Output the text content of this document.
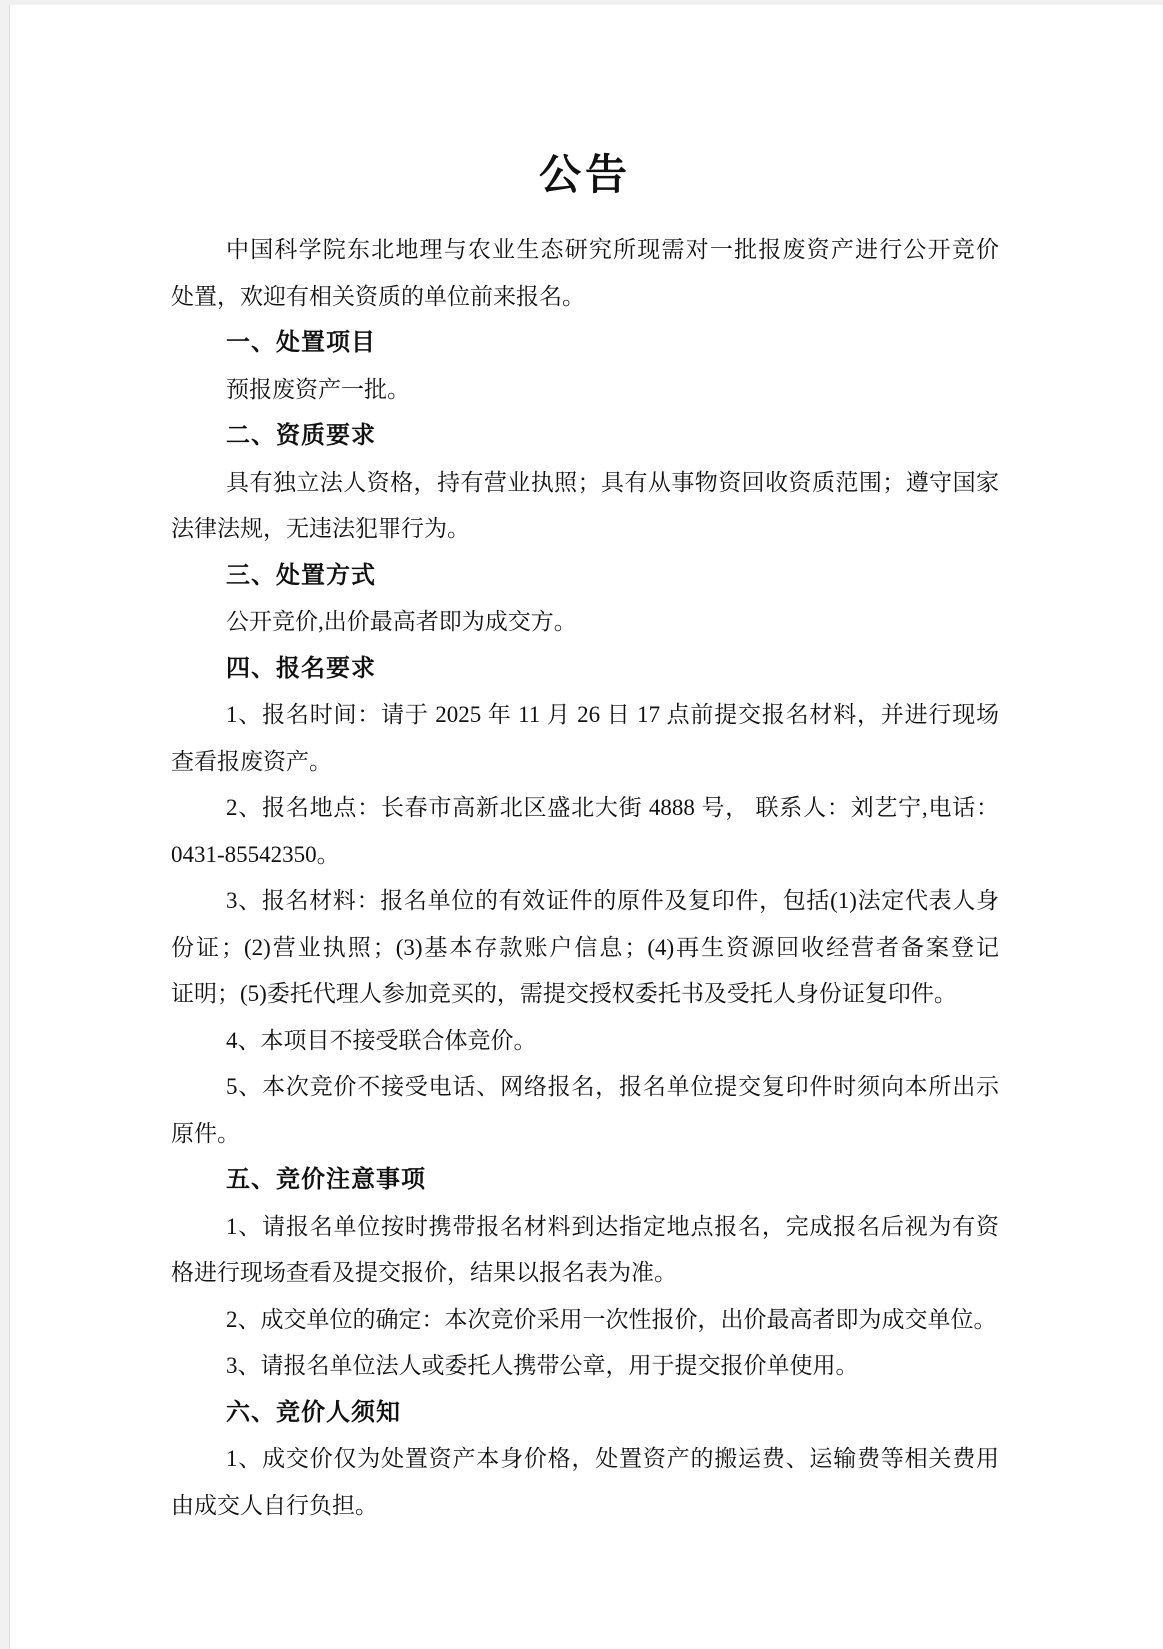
公告
中国科学院东北地理与农业生态研究所现需对一批报废资产进行公开竞价
处置，欢迎有相关资质的单位前来报名。
一、处置项目
预报废资产一批。
二、资质要求
具有独立法人资格，持有营业执照；具有从事物资回收资质范围；遵守国家
法律法规，无违法犯罪行为。
三、处置方式
公开竞价,出价最高者即为成交方。
四、报名要求
1、报名时间：请于 2025 年 11 月 26 日 17 点前提交报名材料，并进行现场
查看报废资产。
2、报名地点：长春市高新北区盛北大街 4888 号， 联系人：刘艺宁,电话：
0431-85542350。
3、报名材料：报名单位的有效证件的原件及复印件，包括(1)法定代表人身
份证；(2)营业执照；(3)基本存款账户信息；(4)再生资源回收经营者备案登记
证明；(5)委托代理人参加竞买的，需提交授权委托书及受托人身份证复印件。
4、本项目不接受联合体竞价。
5、本次竞价不接受电话、网络报名，报名单位提交复印件时须向本所出示
原件。
五、竞价注意事项
1、请报名单位按时携带报名材料到达指定地点报名，完成报名后视为有资
格进行现场查看及提交报价，结果以报名表为准。
2、成交单位的确定：本次竞价采用一次性报价，出价最高者即为成交单位。
3、请报名单位法人或委托人携带公章，用于提交报价单使用。
六、竞价人须知
1、成交价仅为处置资产本身价格，处置资产的搬运费、运输费等相关费用
由成交人自行负担。
